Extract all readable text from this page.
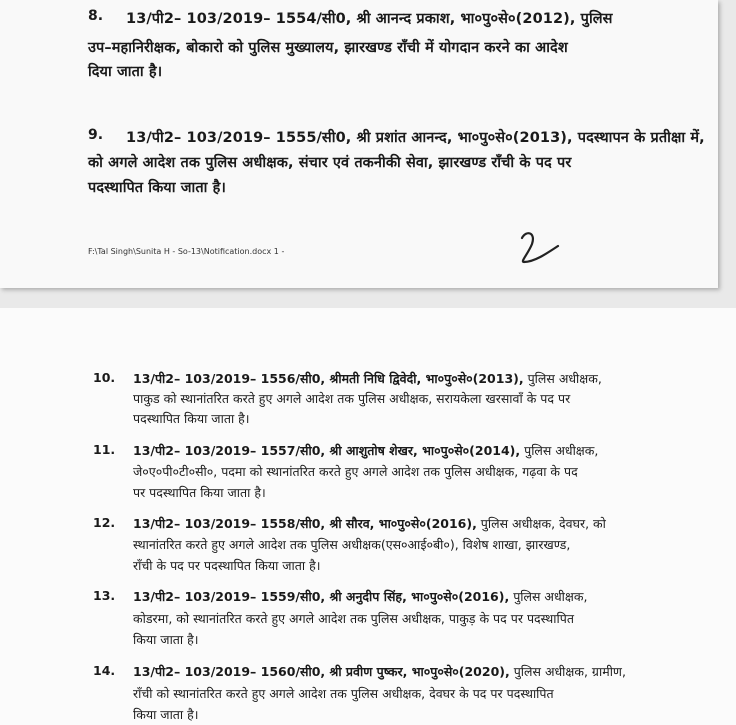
8. 13/पी2– 103/2019– 1554/सी0, श्री आनन्द प्रकाश, भा०पु०से०(2012), पुलिस
उप–महानिरीक्षक, बोकारो को पुलिस मुख्यालय, झारखण्ड राँची में योगदान करने का आदेश
दिया जाता है।
9. 13/पी2– 103/2019– 1555/सी0, श्री प्रशांत आनन्द, भा०पु०से०(2013), पदस्थापन के प्रतीक्षा में,
को अगले आदेश तक पुलिस अधीक्षक, संचार एवं तकनीकी सेवा, झारखण्ड राँची के पद पर
पदस्थापित किया जाता है।
F:\Tal Singh\Sunita H - So-13\Notification.docx 1 -
10. 13/पी2– 103/2019– 1556/सी0, श्रीमती निधि द्विवेदी, भा०पु०से०(2013), पुलिस अधीक्षक,
पाकुड को स्थानांतरित करते हुए अगले आदेश तक पुलिस अधीक्षक, सरायकेला खरसावाँ के पद पर
पदस्थापित किया जाता है।
11. 13/पी2– 103/2019– 1557/सी0, श्री आशुतोष शेखर, भा०पु०से०(2014), पुलिस अधीक्षक,
जे०ए०पी०टी०सी०, पदमा को स्थानांतरित करते हुए अगले आदेश तक पुलिस अधीक्षक, गढ़वा के पद
पर पदस्थापित किया जाता है।
12. 13/पी2– 103/2019– 1558/सी0, श्री सौरव, भा०पु०से०(2016), पुलिस अधीक्षक, देवघर, को
स्थानांतरित करते हुए अगले आदेश तक पुलिस अधीक्षक(एस०आई०बी०), विशेष शाखा, झारखण्ड,
राँची के पद पर पदस्थापित किया जाता है।
13. 13/पी2– 103/2019– 1559/सी0, श्री अनुदीप सिंह, भा०पु०से०(2016), पुलिस अधीक्षक,
कोडरमा, को स्थानांतरित करते हुए अगले आदेश तक पुलिस अधीक्षक, पाकुड़ के पद पर पदस्थापित
किया जाता है।
14. 13/पी2– 103/2019– 1560/सी0, श्री प्रवीण पुष्कर, भा०पु०से०(2020), पुलिस अधीक्षक, ग्रामीण,
राँची को स्थानांतरित करते हुए अगले आदेश तक पुलिस अधीक्षक, देवघर के पद पर पदस्थापित
किया जाता है।
